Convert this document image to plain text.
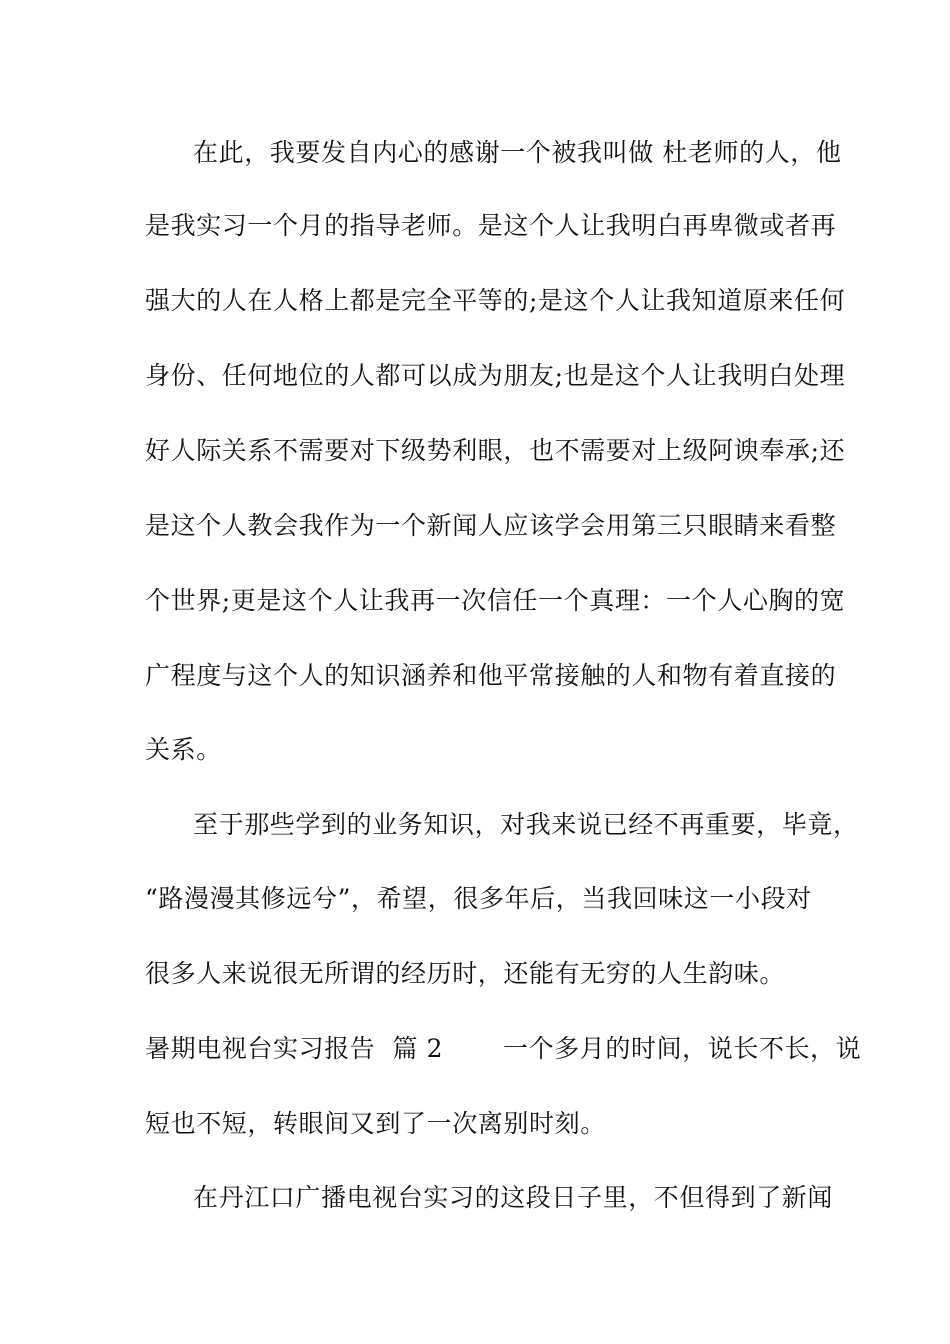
在此，我要发自内心的感谢一个被我叫做 杜老师的人，他
是我实习一个月的指导老师。是这个人让我明白再卑微或者再
强大的人在人格上都是完全平等的;是这个人让我知道原来任何
身份、任何地位的人都可以成为朋友;也是这个人让我明白处理
好人际关系不需要对下级势利眼，也不需要对上级阿谀奉承;还
是这个人教会我作为一个新闻人应该学会用第三只眼睛来看整
个世界;更是这个人让我再一次信任一个真理：一个人心胸的宽
广程度与这个人的知识涵养和他平常接触的人和物有着直接的
关系。
至于那些学到的业务知识，对我来说已经不再重要，毕竟，
“路漫漫其修远兮”，希望，很多年后，当我回味这一小段对
很多人来说很无所谓的经历时，还能有无穷的人生韵味。
暑期电视台实习报告  篇 2       一个多月的时间，说长不长，说
短也不短，转眼间又到了一次离别时刻。
在丹江口广播电视台实习的这段日子里，不但得到了新闻
